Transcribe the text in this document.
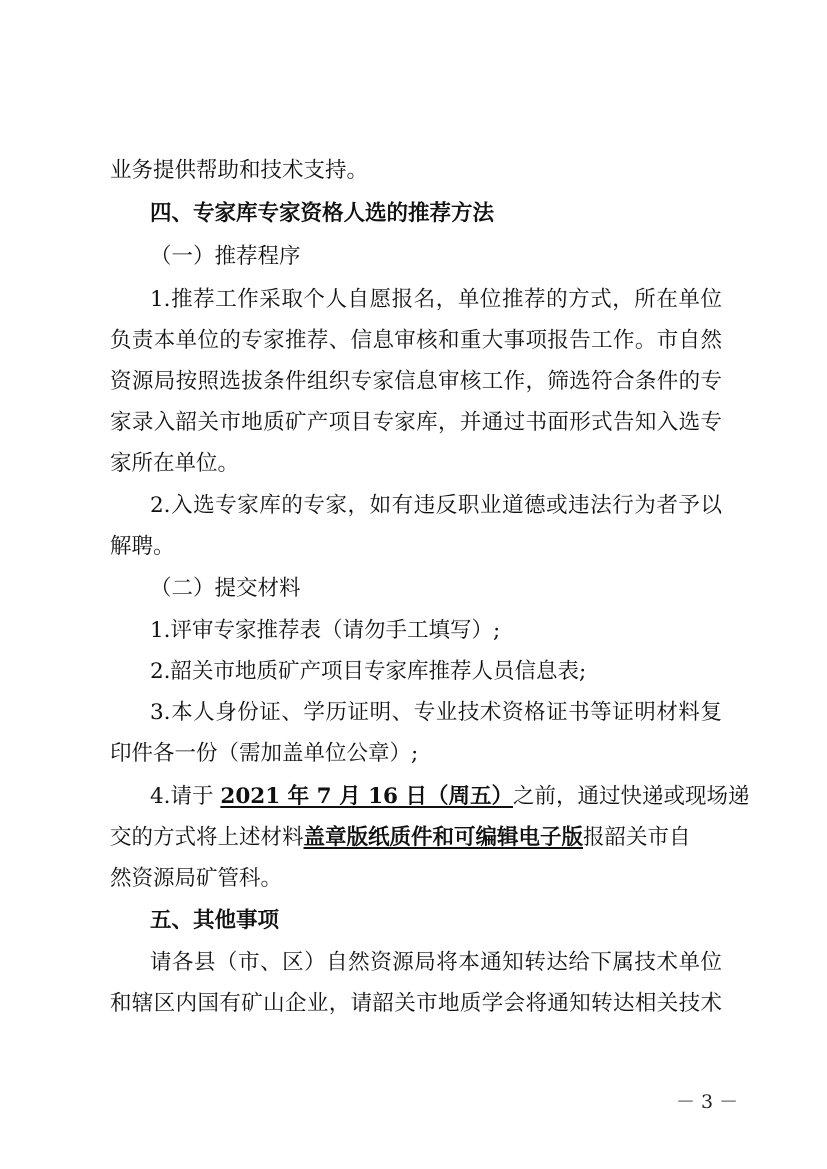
业务提供帮助和技术支持。
四、专家库专家资格人选的推荐方法
（一）推荐程序
1.推荐工作采取个人自愿报名，单位推荐的方式，所在单位
负责本单位的专家推荐、信息审核和重大事项报告工作。市自然
资源局按照选拔条件组织专家信息审核工作，筛选符合条件的专
家录入韶关市地质矿产项目专家库，并通过书面形式告知入选专
家所在单位。
2.入选专家库的专家，如有违反职业道德或违法行为者予以
解聘。
（二）提交材料
1.评审专家推荐表（请勿手工填写）;
2.韶关市地质矿产项目专家库推荐人员信息表;
3.本人身份证、学历证明、专业技术资格证书等证明材料复
印件各一份（需加盖单位公章）;
4.请于 2021 年 7 月 16 日（周五）之前，通过快递或现场递
交的方式将上述材料盖章版纸质件和可编辑电子版报韶关市自
然资源局矿管科。
五、其他事项
请各县（市、区）自然资源局将本通知转达给下属技术单位
和辖区内国有矿山企业，请韶关市地质学会将通知转达相关技术
－ 3 －
